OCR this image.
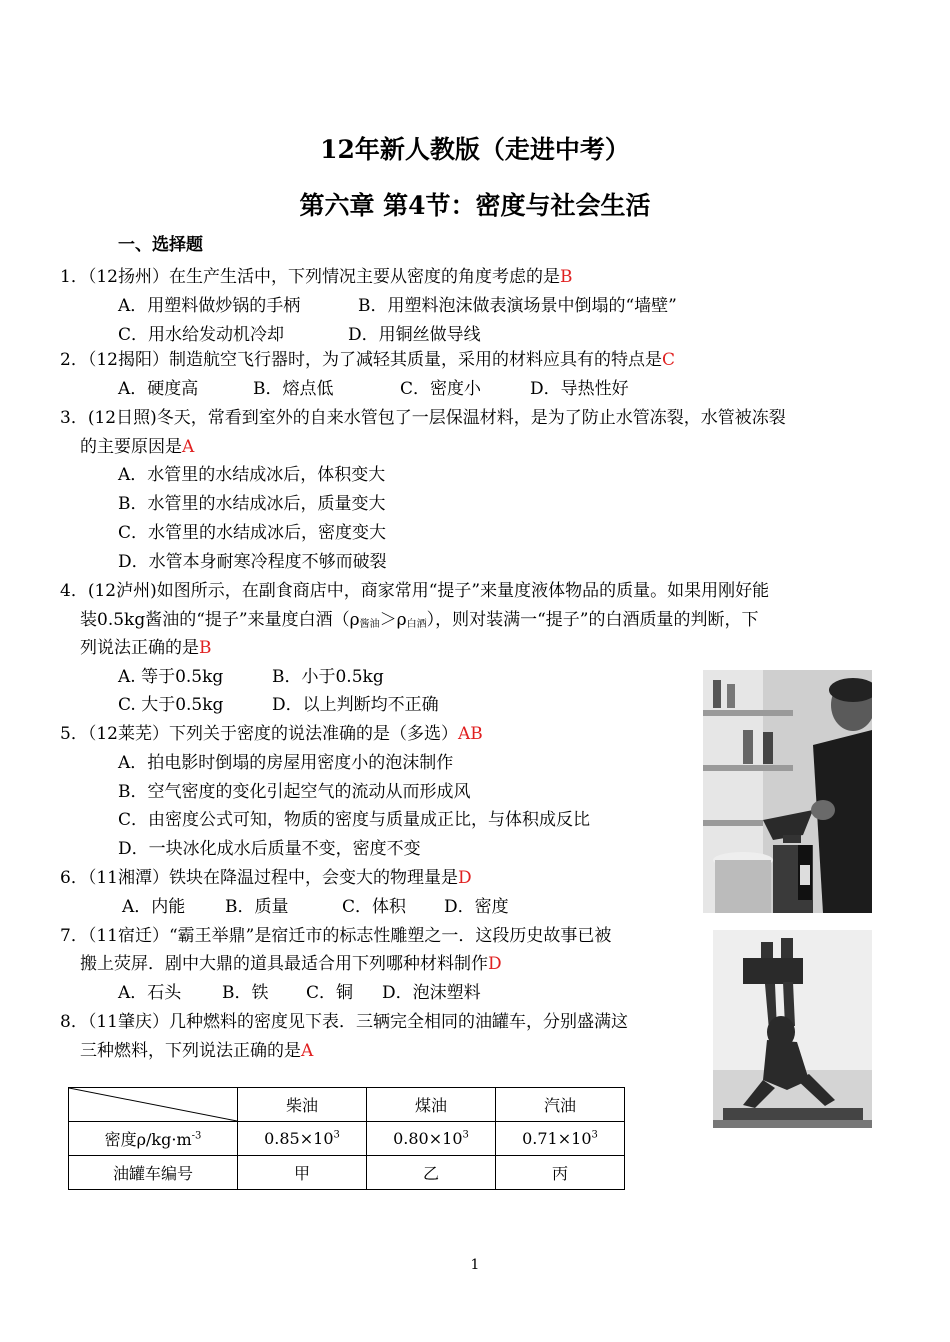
12年新人教版（走进中考）
第六章 第4节：密度与社会生活
一、选择题
1．（12扬州）在生产生活中，下列情况主要从密度的角度考虑的是B
A．用塑料做炒锅的手柄	B．用塑料泡沫做表演场景中倒塌的“墙壁”
C．用水给发动机冷却	D．用铜丝做导线
2．（12揭阳）制造航空飞行器时，为了减轻其质量，采用的材料应具有的特点是C
A．硬度高	B．熔点低	C．密度小	D．导热性好
3．(12日照)冬天，常看到室外的自来水管包了一层保温材料，是为了防止水管冻裂，水管被冻裂
的主要原因是A
A．水管里的水结成冰后，体积变大
B．水管里的水结成冰后，质量变大
C．水管里的水结成冰后，密度变大
D．水管本身耐寒冷程度不够而破裂
4．(12泸州)如图所示，在副食商店中，商家常用“提子”来量度液体物品的质量。如果用刚好能
装0.5kg酱油的“提子”来量度白酒$(\rho_{酱油}>\rho_{白酒})$，则对装满一“提子”的白酒质量的判断，下
列说法正确的是B
A. 等于0.5kg	B．小于0.5kg
C. 大于0.5kg	D．以上判断均不正确
5．（12莱芜）下列关于密度的说法准确的是（多选）AB
A．拍电影时倒塌的房屋用密度小的泡沫制作
B．空气密度的变化引起空气的流动从而形成风
C．由密度公式可知，物质的密度与质量成正比，与体积成反比
D．一块冰化成水后质量不变，密度不变
6．（11湘潭）铁块在降温过程中，会变大的物理量是D
A．内能 B．质量	C．体积 D．密度
7．（11宿迁）“霸王举鼎”是宿迁市的标志性雕塑之一．这段历史故事已被
搬上荧屏．剧中大鼎的道具最适合用下列哪种材料制作D
A．石头 B．铁 C．铜 D．泡沫塑料
8．（11肇庆）几种燃料的密度见下表．三辆完全相同的油罐车，分别盛满这
三种燃料，下列说法正确的是A
	柴油	煤油	汽油
密度$\rho/kg\cdot m^{-3}$	$0.85\times 10^3$	$0.80\times 10^3$	$0.71\times 10^3$
油罐车编号	甲	乙	丙
1
